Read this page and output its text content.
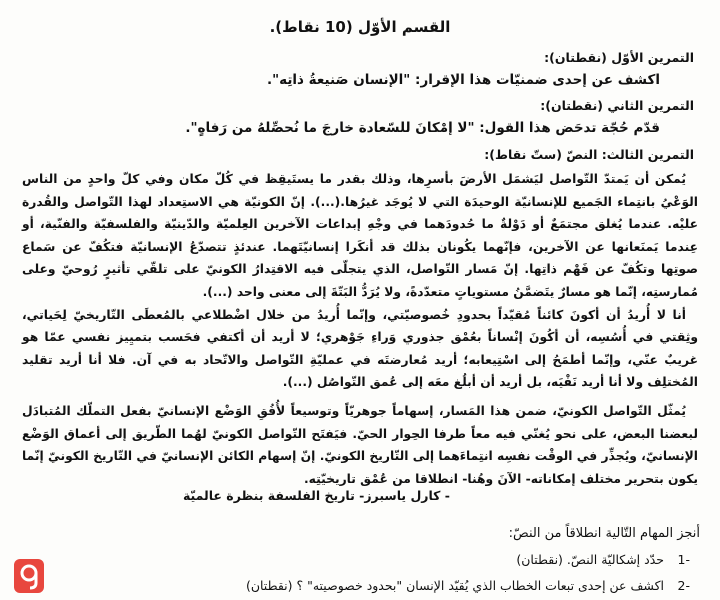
القسم الأوّل (10 نقاط).
التمرين الأوّل (نقطتان):
اكشف عن إحدى ضمنيّات هذا الإقرار: "الإنسان صَنيعةُ ذاتِه".
التمرين الثاني (نقطتان):
قدّم حُجّة تدحَض هذا القول: "لا إمْكانَ للسّعادة خارجَ ما نُحصِّلهُ من رَفاهٍ".
التمرين الثالث: النصّ (ستّ نقاط):

يُمكن أن يَمتدّ التّواصل ليَشمَل الأرضَ بأسرِها، وذلك بقدر ما يستَيقِظ في كُلّ مكان وفي كلّ واحدٍ من الناس الوَعْيُ بانتِماء الجَميع للإنسانيّة الوحيدَة التي لا يُوجَد غيرُها.(...). إنّ الكونيّة هي الاستِعداد لهذا التّواصل والقُدرة عليْه. عندما يُغلق مجتمَعٌ أو دَوْلةٌ ما حُدودَهما في وجْهِ إبداعات الآخرين العِلميّة والدّينيّة والفلسفيّة والفنّية، أو عِندما يَمنَعانها عن الآخرين، فإنّهما يكُونان بذلك قد أنكَرا إنسانيّتَهما. عندئذٍ تتصدّعُ الإنسانيّة فتكُفّ عن سَماع صوتِها وتكُفّ عن فَهْم ذاتِها. إنّ مَسار التّواصل، الذي يتجلّى فيه الاقتِدارُ الكونيّ على تلقّي تأثيرٍ رُوحيّ وعلى مُمارستِه، إنّما هو مسارٌ يتَضمَّنُ مستوياتٍ متعدّدةً، ولا يُرَدُّ البَتّةَ إلى معنى واحد (...).

أنا لا أُريدُ أن أكونَ كائناً مُقيّداً بحدودِ خُصوصيّتي، وإنّما أُريدُ من خلال اضْطلاعي بالمُعطَى التّاريخيّ لِحَياتي، وثِقتي في أُسُسِه، أن أكُونَ إنْساناً بعُمْق جذوري وَراءِ جَوْهري؛ لا أريد أن أكتفي فحَسب بتميِيز نفسي عمّا هو غريبٌ عنّي، وإنّما أطمَحُ إلى اسْتِيعابه؛ أريد مُعارضتَه في عمليّةِ التّواصل والاتّحاد به في آن. فلا أنا أريد تقليد المُختلِف ولا أنا أريد نَفْيَه، بل أريد أن أبلُغ معَه إلى عُمق التّواصُل (...).

يُمثّل التّواصل الكونيّ، ضمن هذا المَسار، إسهاماً جوهريّاً وتوسيعاً لأُفُقِ الوَضْع الإنسانيّ بفعل التملّك المُتبادَل لبعضنا البعض، على نحو يُغنّي فيه معاً طرفا الحِوار الحيّ. فيَفتَح التّواصل الكونيّ لهُما الطّريق إلى أعماق الوَضْع الإنسانيّ، ويُجذِّر في الوقْت نفسِه انتِماءَهما إلى التّاريخ الكونيّ. إنّ إسهام الكائن الإنسانيّ في التّاريخ الكونيّ إنّما يكون بتحرير مختلف إمكاناته- الآنَ وهُنا- انطلاقا من عُمْق تاريخيّتِه.

- كارل ياسبرز- تاريخ الفلسفة بنظرة عالميّة
أنجز المهام التّالية انطلاقاً من النصّ:
-1حدّد إشكاليّة النصّ. (نقطتان)
-2اكشف عن إحدى تبعات الخطاب الذي يُقيّد الإنسان "بحدود خصوصيته" ؟ (نقطتان)
